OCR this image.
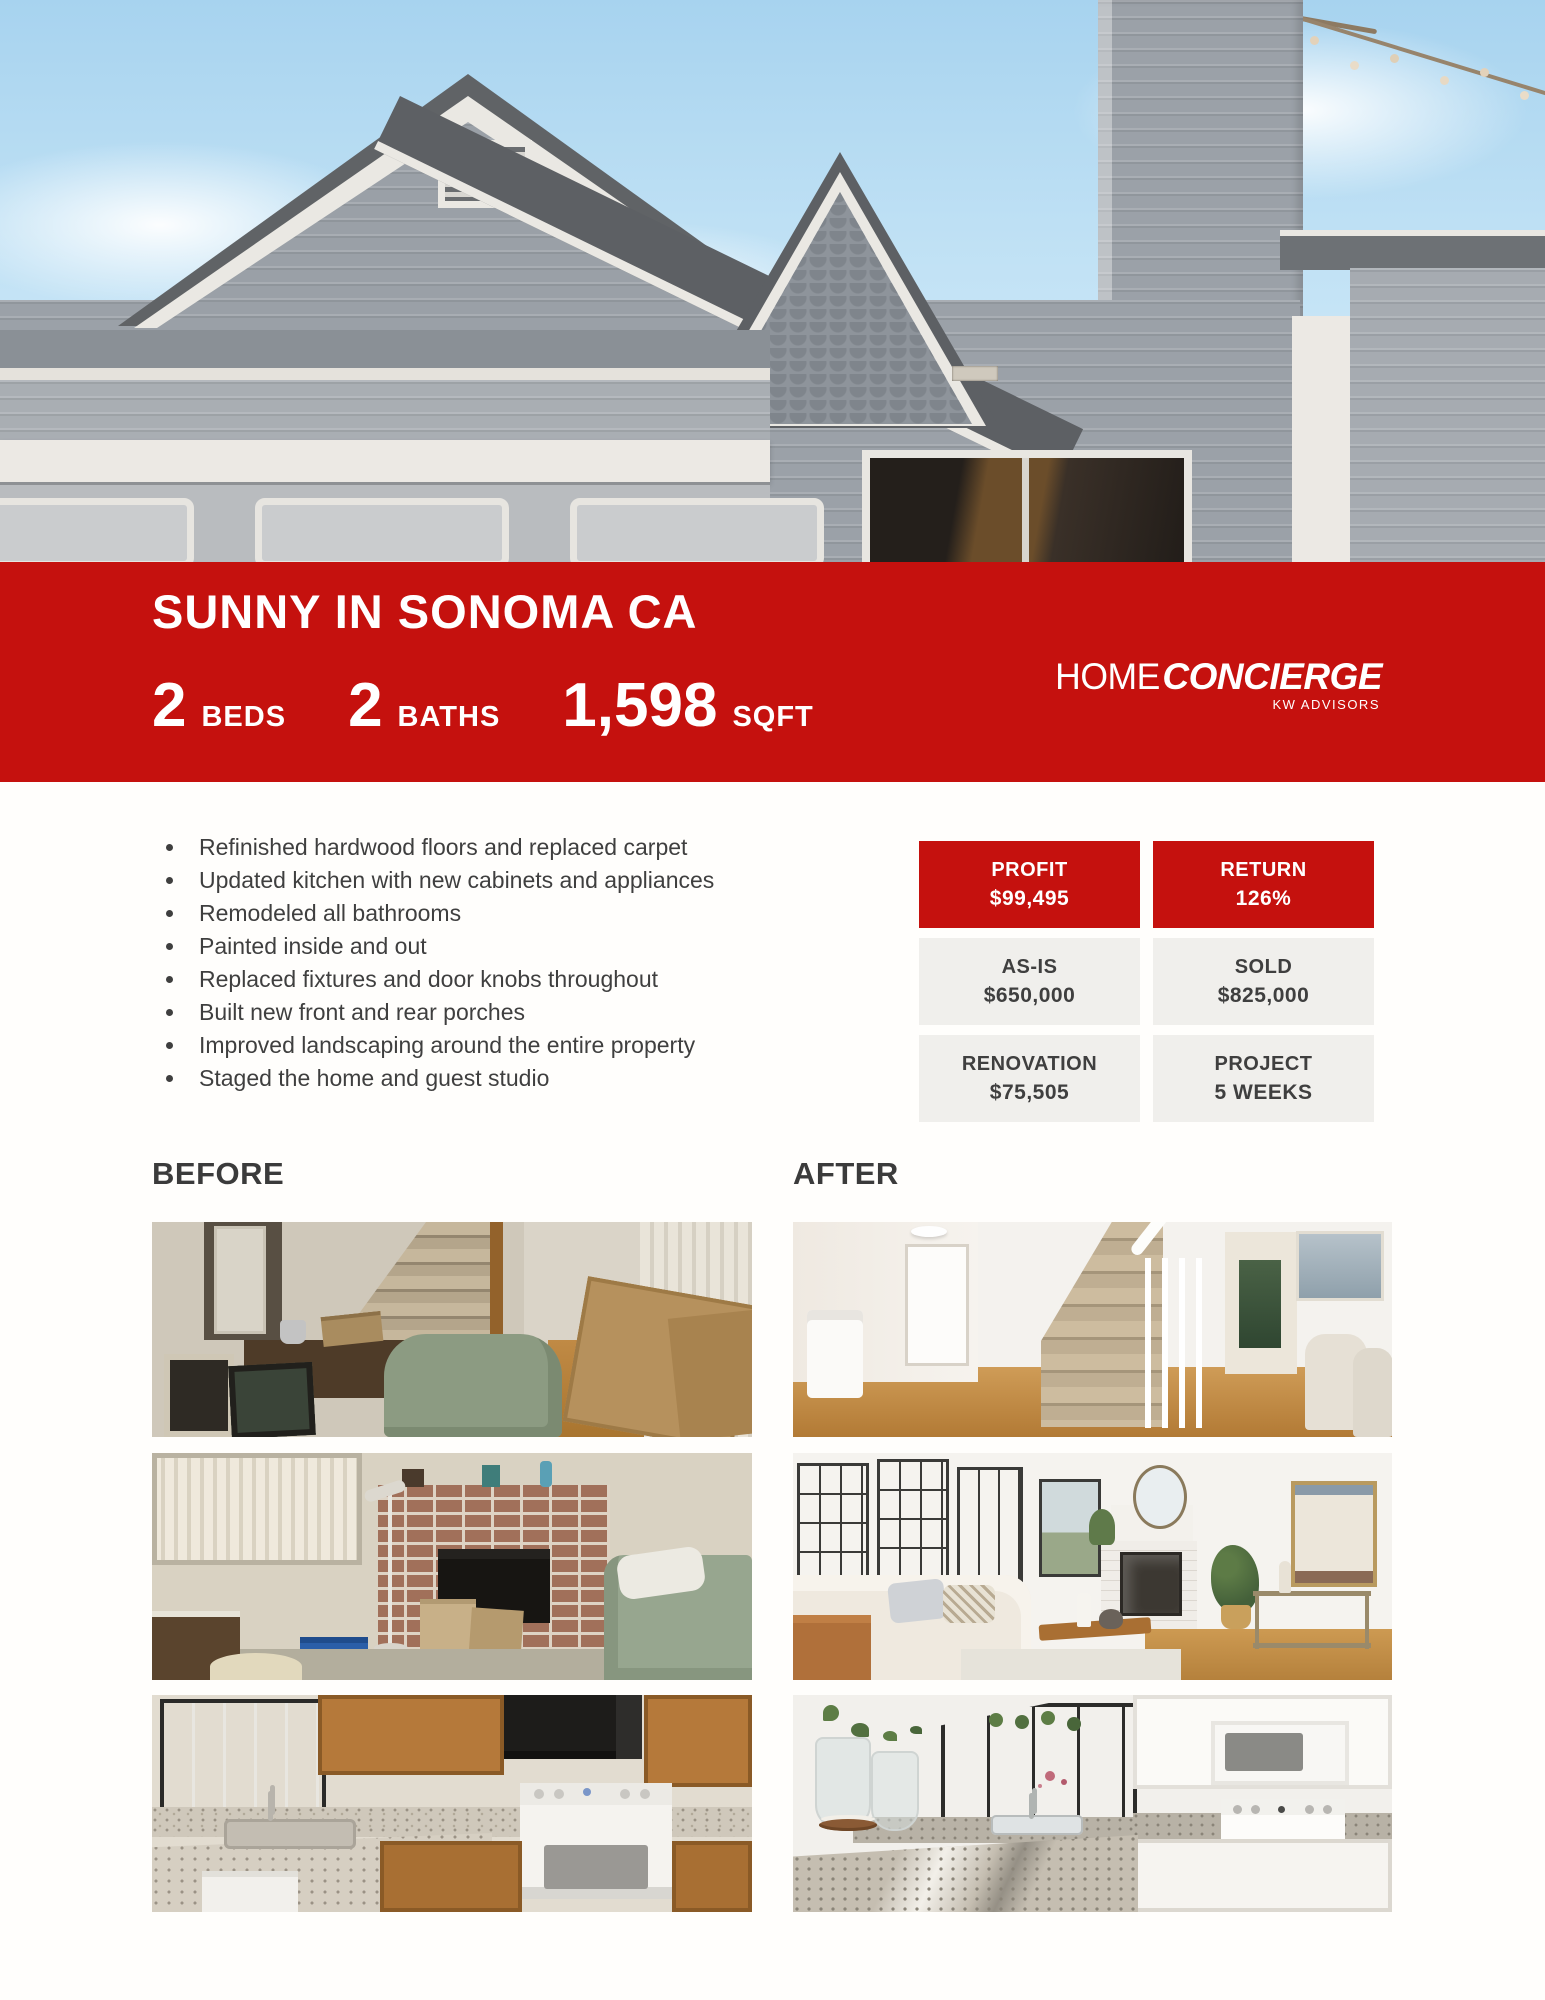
SUNNY IN SONOMA CA
2 BEDS 2 BATHS 1,598 SQFT
HOMECONCIERGE
KW ADVISORS
Refinished hardwood floors and replaced carpet
Updated kitchen with new cabinets and appliances
Remodeled all bathrooms
Painted inside and out
Replaced fixtures and door knobs throughout
Built new front and rear porches
Improved landscaping around the entire property
Staged the home and guest studio
PROFIT
$99,495
RETURN
126%
AS-IS
$650,000
SOLD
$825,000
RENOVATION
$75,505
PROJECT
5 WEEKS
BEFORE	AFTER
